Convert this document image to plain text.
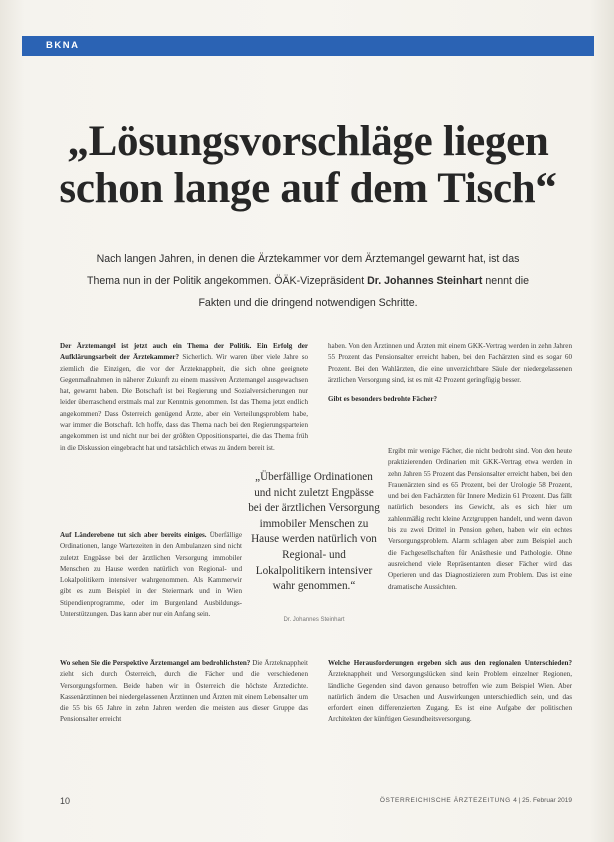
BKNA
„Lösungsvorschläge liegen schon lange auf dem Tisch“
Nach langen Jahren, in denen die Ärztekammer vor dem Ärztemangel gewarnt hat, ist das Thema nun in der Politik angekommen. ÖÄK-Vizepräsident Dr. Johannes Steinhart nennt die Fakten und die dringend notwendigen Schritte.

Der Ärztemangel ist jetzt auch ein Thema der Politik. Ein Erfolg der Aufklärungsarbeit der Ärztekammer? Sicherlich. Wir waren über viele Jahre so ziemlich die Einzigen, die vor der Ärzteknappheit, die sich ohne geeignete Gegenmaßnahmen in näherer Zukunft zu einem massiven Ärztemangel ausgewachsen hat, gewarnt haben. Die Botschaft ist bei Regierung und Sozialversicherungen nur leider überraschend erstmals mal zur Kenntnis genommen. Ist das Thema jetzt endlich angekommen? Dass Österreich genügend Ärzte, aber ein Verteilungsproblem habe, war immer die Botschaft. Ich hoffe, dass das Thema nach bei den Regierungsparteien angekommen ist und nicht nur bei der größten Oppositionspartei, die das Thema früh in die Diskussion eingebracht hat und tatsächlich etwas zu ändern bereit ist.

Auf Länderebene tut sich aber bereits einiges. Überfällige Ordinationen, lange Wartezeiten in den Ambulanzen sind nicht zuletzt Engpässe bei der ärztlichen Versorgung immobiler Menschen zu Hause werden natürlich von Regional- und Lokalpolitikern intensiver wahrgenommen. Als Kammerwir gibt es zum Beispiel in der Steiermark und in Wien Stipendienprogramme, oder im Burgenland Ausbildungs-Unterstützungen. Das kann aber nur ein Anfang sein.

Wo sehen Sie die Perspektive Ärztemangel am bedrohlichsten? Die Ärzteknappheit zieht sich durch Österreich, durch die Fächer und die verschiedenen Versorgungsformen. Beide haben wir in Österreich die höchste Ärztedichte. Kassenärztinnen bei niedergelassenen Ärztinnen und Ärzten mit einem Lebensalter um die 55 bis 65 Jahre in zehn Jahren werden die meisten aus dieser Gruppe das Pensionsalter erreicht

haben. Von den Ärztinnen und Ärzten mit einem GKK-Vertrag werden in zehn Jahren 55 Prozent das Pensionsalter erreicht haben, bei den Fachärzten sind es sogar 60 Prozent. Bei den Wahlärzten, die eine unverzichtbare Säule der niedergelassenen ärztlichen Versorgung sind, ist es mit 42 Prozent geringfügig besser.

Gibt es besonders bedrohte Fächer?

Ergibt mir wenige Fächer, die nicht bedroht sind. Von den heute praktizierenden Ordinarien mit GKK-Vertrag etwa werden in zehn Jahren 55 Prozent das Pensionsalter erreicht haben, bei den Frauenärzten sind es 65 Prozent, bei der Urologie 58 Prozent, und bei den Fachärzten für Innere Medizin 61 Prozent. Das fällt natürlich besonders ins Gewicht, als es sich hier um zahlenmäßig recht kleine Arztgruppen handelt, und wenn davon bis zu zwei Drittel in Pension gehen, haben wir ein echtes Versorgungsproblem. Alarm schlagen aber zum Beispiel auch die Fachgesellschaften für Anästhesie und Pathologie. Ohne ausreichend viele Repräsentanten dieser Fächer wird das Operieren und das Diagnostizieren zum Problem. Das ist eine dramatische Aussichten.

Welche Herausforderungen ergeben sich aus den regionalen Unterschieden? Ärzteknappheit und Versorgungslücken sind kein Problem einzelner Regionen, ländliche Gegenden sind davon genauso betroffen wie zum Beispiel Wien. Aber natürlich ändern die Ursachen und Auswirkungen unterschiedlich sein, und das erfordert einen differenzierten Zugang. Es ist eine Aufgabe der politischen Architekten der künftigen Gesundheitsversorgung.

„Überfällige Ordinationen und nicht zuletzt Engpässe bei der ärztlichen Versorgung immobiler Menschen zu Hause werden natürlich von Regional- und Lokalpolitikern intensiver wahr genommen.“
Dr. Johannes Steinhart
10	ÖSTERREICHISCHE ÄRZTEZEITUNG 4 | 25. Februar 2019
